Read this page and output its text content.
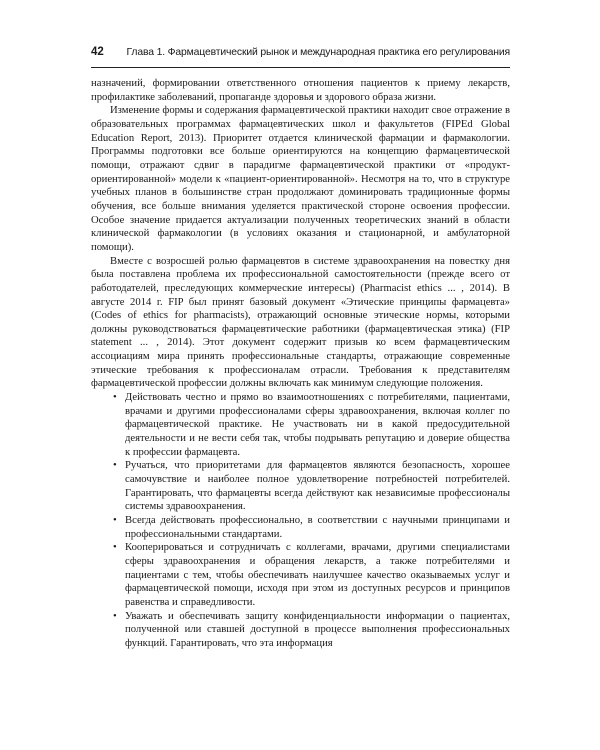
42 Глава 1. Фармацевтический рынок и международная практика его регулирования

назначений, формировании ответственного отношения пациентов к приему лекарств, профилактике заболеваний, пропаганде здоровья и здорового образа жизни.

Изменение формы и содержания фармацевтической практики находит свое отражение в образовательных программах фармацевтических школ и факультетов (FIPEd Global Education Report, 2013). Приоритет отдается клинической фармации и фармакологии. Программы подготовки все больше ориентируются на концепцию фармацевтической помощи, отражают сдвиг в парадигме фармацевтической практики от «продукт-ориентированной» модели к «пациент-ориентированной». Несмотря на то, что в структуре учебных планов в большинстве стран продолжают доминировать традиционные формы обучения, все больше внимания уделяется практической стороне освоения профессии. Особое значение придается актуализации полученных теоретических знаний в области клинической фармакологии (в условиях оказания и стационарной, и амбулаторной помощи).

Вместе с возросшей ролью фармацевтов в системе здравоохранения на повестку дня была поставлена проблема их профессиональной самостоятельности (прежде всего от работодателей, преследующих коммерческие интересы) (Pharmacist ethics ... , 2014). В августе 2014 г. FIP был принят базовый документ «Этические принципы фармацевта» (Codes of ethics for pharmacists), отражающий основные этические нормы, которыми должны руководствоваться фармацевтические работники (фармацевтическая этика) (FIP statement ... , 2014). Этот документ содержит призыв ко всем фармацевтическим ассоциациям мира принять профессиональные стандарты, отражающие современные этические требования к профессионалам отрасли. Требования к представителям фармацевтической профессии должны включать как минимум следующие положения.

• Действовать честно и прямо во взаимоотношениях с потребителями, пациентами, врачами и другими профессионалами сферы здравоохранения, включая коллег по фармацевтической практике. Не участвовать ни в какой предосудительной деятельности и не вести себя так, чтобы подрывать репутацию и доверие общества к профессии фармацевта.
• Ручаться, что приоритетами для фармацевтов являются безопасность, хорошее самочувствие и наиболее полное удовлетворение потребностей потребителей. Гарантировать, что фармацевты всегда действуют как независимые профессионалы системы здравоохранения.
• Всегда действовать профессионально, в соответствии с научными принципами и профессиональными стандартами.
• Кооперироваться и сотрудничать с коллегами, врачами, другими специалистами сферы здравоохранения и обращения лекарств, а также потребителями и пациентами с тем, чтобы обеспечивать наилучшее качество оказываемых услуг и фармацевтической помощи, исходя при этом из доступных ресурсов и принципов равенства и справедливости.
• Уважать и обеспечивать защиту конфиденциальности информации о пациентах, полученной или ставшей доступной в процессе выполнения профессиональных функций. Гарантировать, что эта информация
